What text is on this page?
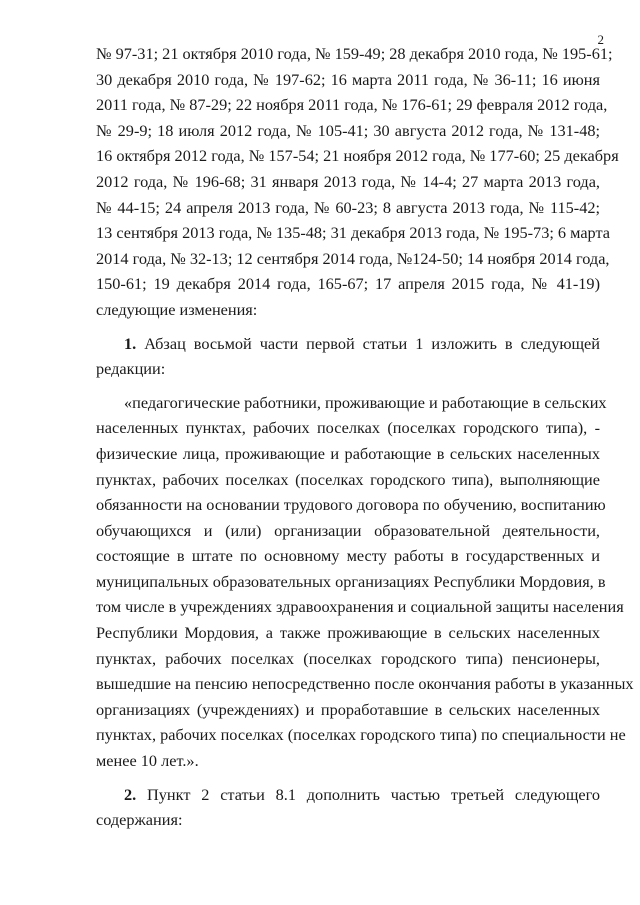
2
№ 97-31; 21 октября 2010 года, № 159-49; 28 декабря 2010 года, № 195-61;
30 декабря 2010 года, № 197-62; 16 марта 2011 года, № 36-11; 16 июня
2011 года, № 87-29; 22 ноября 2011 года, № 176-61; 29 февраля 2012 года,
№ 29-9; 18 июля 2012 года, № 105-41; 30 августа 2012 года, № 131-48;
16 октября 2012 года, № 157-54; 21 ноября 2012 года, № 177-60; 25 декабря
2012 года, № 196-68; 31 января 2013 года, № 14-4; 27 марта 2013 года,
№ 44-15; 24 апреля 2013 года, № 60-23; 8 августа 2013 года, № 115-42;
13 сентября 2013 года, № 135-48; 31 декабря 2013 года, № 195-73; 6 марта
2014 года, № 32-13; 12 сентября 2014 года, №124-50; 14 ноября 2014 года,
150-61; 19 декабря 2014 года, 165-67; 17 апреля 2015 года, № 41-19)
следующие изменения:
1. Абзац восьмой части первой статьи 1 изложить в следующей
редакции:
«педагогические работники, проживающие и работающие в сельских
населенных пунктах, рабочих поселках (поселках городского типа), -
физические лица, проживающие и работающие в сельских населенных
пунктах, рабочих поселках (поселках городского типа), выполняющие
обязанности на основании трудового договора по обучению, воспитанию
обучающихся и (или) организации образовательной деятельности,
состоящие в штате по основному месту работы в государственных и
муниципальных образовательных организациях Республики Мордовия, в
том числе в учреждениях здравоохранения и социальной защиты населения
Республики Мордовия, а также проживающие в сельских населенных
пунктах, рабочих поселках (поселках городского типа) пенсионеры,
вышедшие на пенсию непосредственно после окончания работы в указанных
организациях (учреждениях) и проработавшие в сельских населенных
пунктах, рабочих поселках (поселках городского типа) по специальности не
менее 10 лет.».
2. Пункт 2 статьи 8.1 дополнить частью третьей следующего
содержания:
